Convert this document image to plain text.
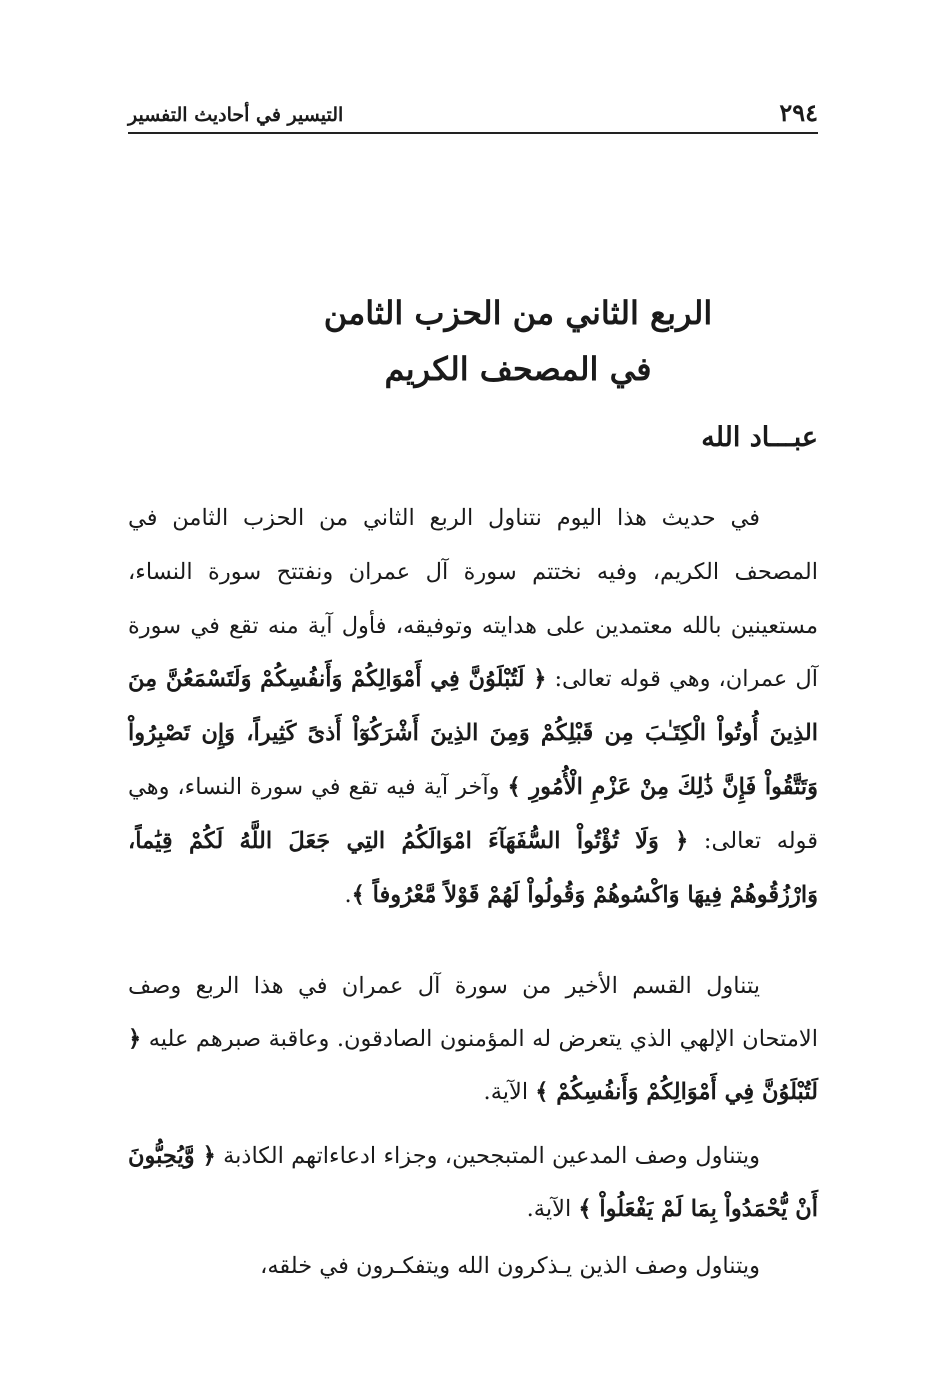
٢٩٤
التيسير في أحاديث التفسير
الربع الثاني من الحزب الثامن
في المصحف الكريم
عبـــاد الله

في حديث هذا اليوم نتناول الربع الثاني من الحزب الثامن في المصحف الكريم، وفيه نختتم سورة آل عمران ونفتتح سورة النساء، مستعينين بالله معتمدين على هدايته وتوفيقه، فأول آية منه تقع في سورة آل عمران، وهي قوله تعالى: ﴿ لَتُبْلَوُنَّ فِي أَمْوَالِكُمْ وَأَنفُسِكُمْ وَلَتَسْمَعُنَّ مِنَ الذِينَ أُوتُواْ الْكِتَـٰبَ مِن قَبْلِكُمْ وَمِنَ الذِينَ أَشْرَكُوٓاْ أَذىً كَثِيراً، وَإِن تَصْبِرُواْ وَتَتَّقُواْ فَإِنَّ ذَٰلِكَ مِنْ عَزْمِ الْأُمُورِ ﴾ وآخر آية فيه تقع في سورة النساء، وهي قوله تعالى: ﴿ وَلَا تُؤْتُواْ السُّفَهَآءَ امْوَالَكُمُ التِي جَعَلَ اللَّهُ لَكُمْ قِيَٰماً، وَارْزُقُوهُمْ فِيهَا وَاكْسُوهُمْ وَقُولُواْ لَهُمْ قَوْلاً مَّعْرُوفاً ﴾.

يتناول القسم الأخير من سورة آل عمران في هذا الربع وصف الامتحان الإلهي الذي يتعرض له المؤمنون الصادقون. وعاقبة صبرهم عليه ﴿ لَتُبْلَوُنَّ فِي أَمْوَالِكُمْ وَأَنفُسِكُمْ ﴾ الآية.

ويتناول وصف المدعين المتبجحين، وجزاء ادعاءاتهم الكاذبة ﴿ وَّيُحِبُّونَ أَنْ يُّحْمَدُواْ بِمَا لَمْ يَفْعَلُواْ ﴾ الآية.

ويتناول وصف الذين يـذكرون الله ويتفكـرون في خلقه،
